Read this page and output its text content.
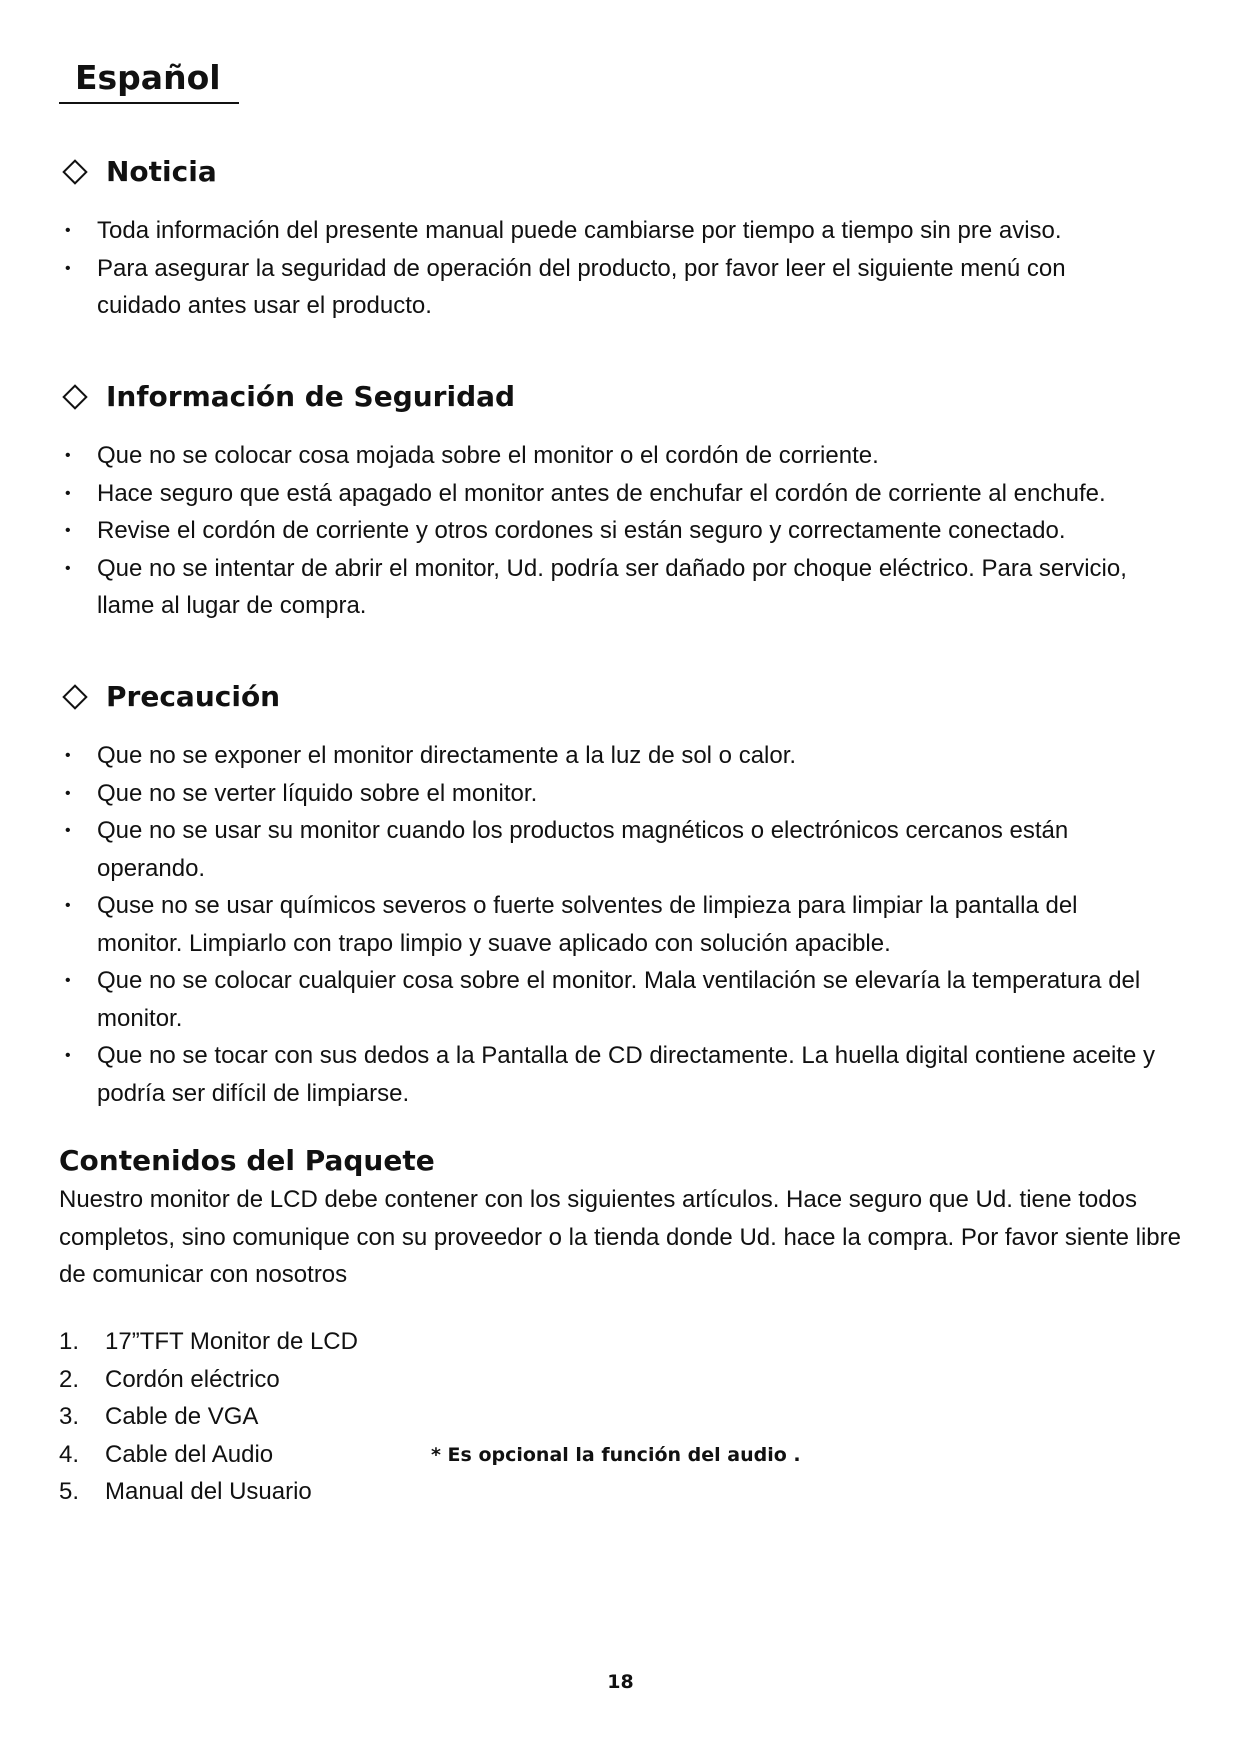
Español
Noticia
• Toda información del presente manual puede cambiarse por tiempo a tiempo sin pre aviso.
• Para asegurar la seguridad de operación del producto, por favor leer el siguiente menú con cuidado antes usar el producto.
Información de Seguridad
• Que no se colocar cosa mojada sobre el monitor o el cordón de corriente.
• Hace seguro que está apagado el monitor antes de enchufar el cordón de corriente al enchufe.
• Revise el cordón de corriente y otros cordones si están seguro y correctamente conectado.
• Que no se intentar de abrir el monitor, Ud. podría ser dañado por choque eléctrico. Para servicio, llame al lugar de compra.
Precaución
• Que no se exponer el monitor directamente a la luz de sol o calor.
• Que no se verter líquido sobre el monitor.
• Que no se usar su monitor cuando los productos magnéticos o electrónicos cercanos están operando.
• Quse no se usar químicos severos o fuerte solventes de limpieza para limpiar la pantalla del monitor. Limpiarlo con trapo limpio y suave aplicado con solución apacible.
• Que no se colocar cualquier cosa sobre el monitor. Mala ventilación se elevaría la temperatura del monitor.
• Que no se tocar con sus dedos a la Pantalla de CD directamente. La huella digital contiene aceite y podría ser difícil de limpiarse.
Contenidos del Paquete

Nuestro monitor de LCD debe contener con los siguientes artículos. Hace seguro que Ud. tiene todos completos, sino comunique con su proveedor o la tienda donde Ud. hace la compra. Por favor siente libre de comunicar con nosotros

1.	17”TFT Monitor de LCD
2.	Cordón eléctrico
3.	Cable de VGA
4.	Cable del Audio
5.	Manual del Usuario
* Es opcional la función del audio .
18
